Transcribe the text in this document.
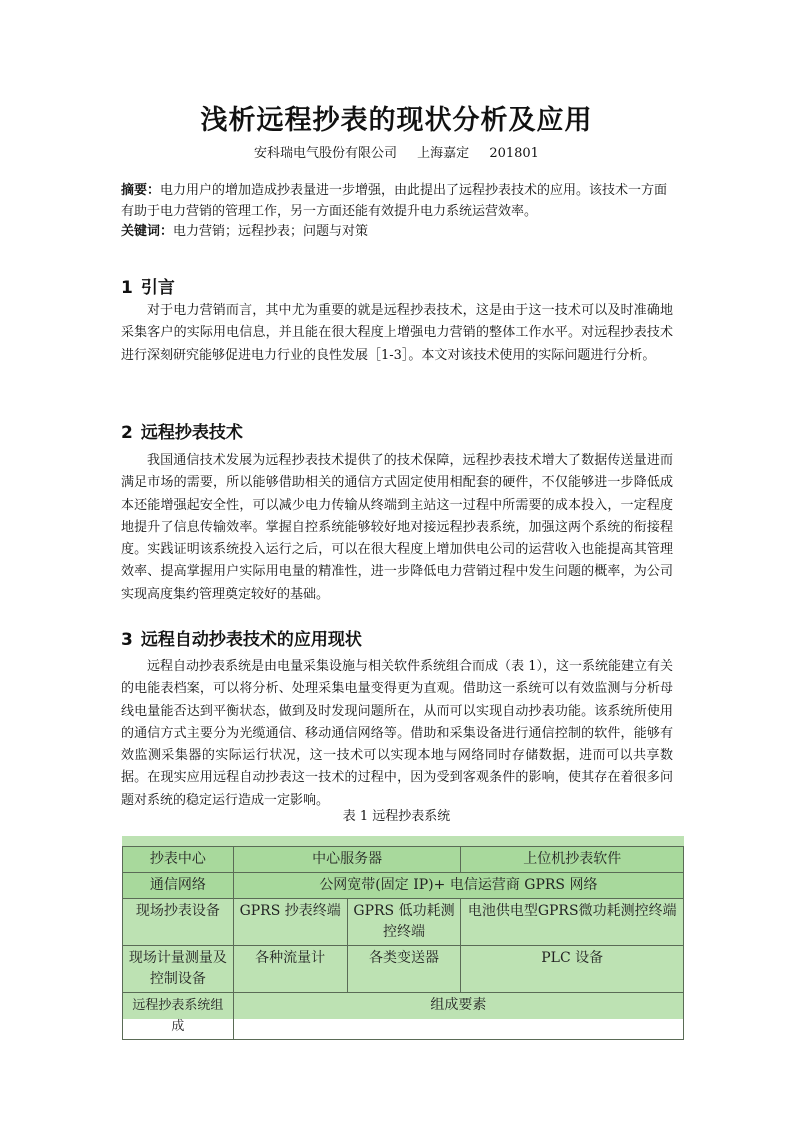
浅析远程抄表的现状分析及应用
安科瑞电气股份有限公司 上海嘉定 201801
摘要：电力用户的增加造成抄表量进一步增强，由此提出了远程抄表技术的应用。该技术一方面有助于电力营销的管理工作，另一方面还能有效提升电力系统运营效率。
关键词：电力营销；远程抄表；问题与对策
1 引言

对于电力营销而言，其中尤为重要的就是远程抄表技术，这是由于这一技术可以及时准确地采集客户的实际用电信息，并且能在很大程度上增强电力营销的整体工作水平。对远程抄表技术进行深刻研究能够促进电力行业的良性发展［1-3］。本文对该技术使用的实际问题进行分析。

2 远程抄表技术

我国通信技术发展为远程抄表技术提供了的技术保障，远程抄表技术增大了数据传送量进而满足市场的需要，所以能够借助相关的通信方式固定使用相配套的硬件，不仅能够进一步降低成本还能增强起安全性，可以减少电力传输从终端到主站这一过程中所需要的成本投入，一定程度地提升了信息传输效率。掌握自控系统能够较好地对接远程抄表系统，加强这两个系统的衔接程度。实践证明该系统投入运行之后，可以在很大程度上增加供电公司的运营收入也能提高其管理效率、提高掌握用户实际用电量的精准性，进一步降低电力营销过程中发生问题的概率，为公司实现高度集约管理奠定较好的基础。

3 远程自动抄表技术的应用现状

远程自动抄表系统是由电量采集设施与相关软件系统组合而成（表 1），这一系统能建立有关的电能表档案，可以将分析、处理采集电量变得更为直观。借助这一系统可以有效监测与分析母线电量能否达到平衡状态，做到及时发现问题所在，从而可以实现自动抄表功能。该系统所使用的通信方式主要分为光缆通信、移动通信网络等。借助和采集设备进行通信控制的软件，能够有效监测采集器的实际运行状况，这一技术可以实现本地与网络同时存储数据，进而可以共享数据。在现实应用远程自动抄表这一技术的过程中，因为受到客观条件的影响，使其存在着很多问题对系统的稳定运行造成一定影响。

表 1 远程抄表系统
抄表中心	中心服务器		上位机抄表软件
通信网络	公网宽带(固定 IP)+ 电信运营商 GPRS 网络		
现场抄表设备	GPRS 抄表终端	GPRS 低功耗测控终端	电池供电型GPRS微功耗测控终端
现场计量测量及控制设备	各种流量计	各类变送器	PLC 设备
远程抄表系统组成	组成要素		
